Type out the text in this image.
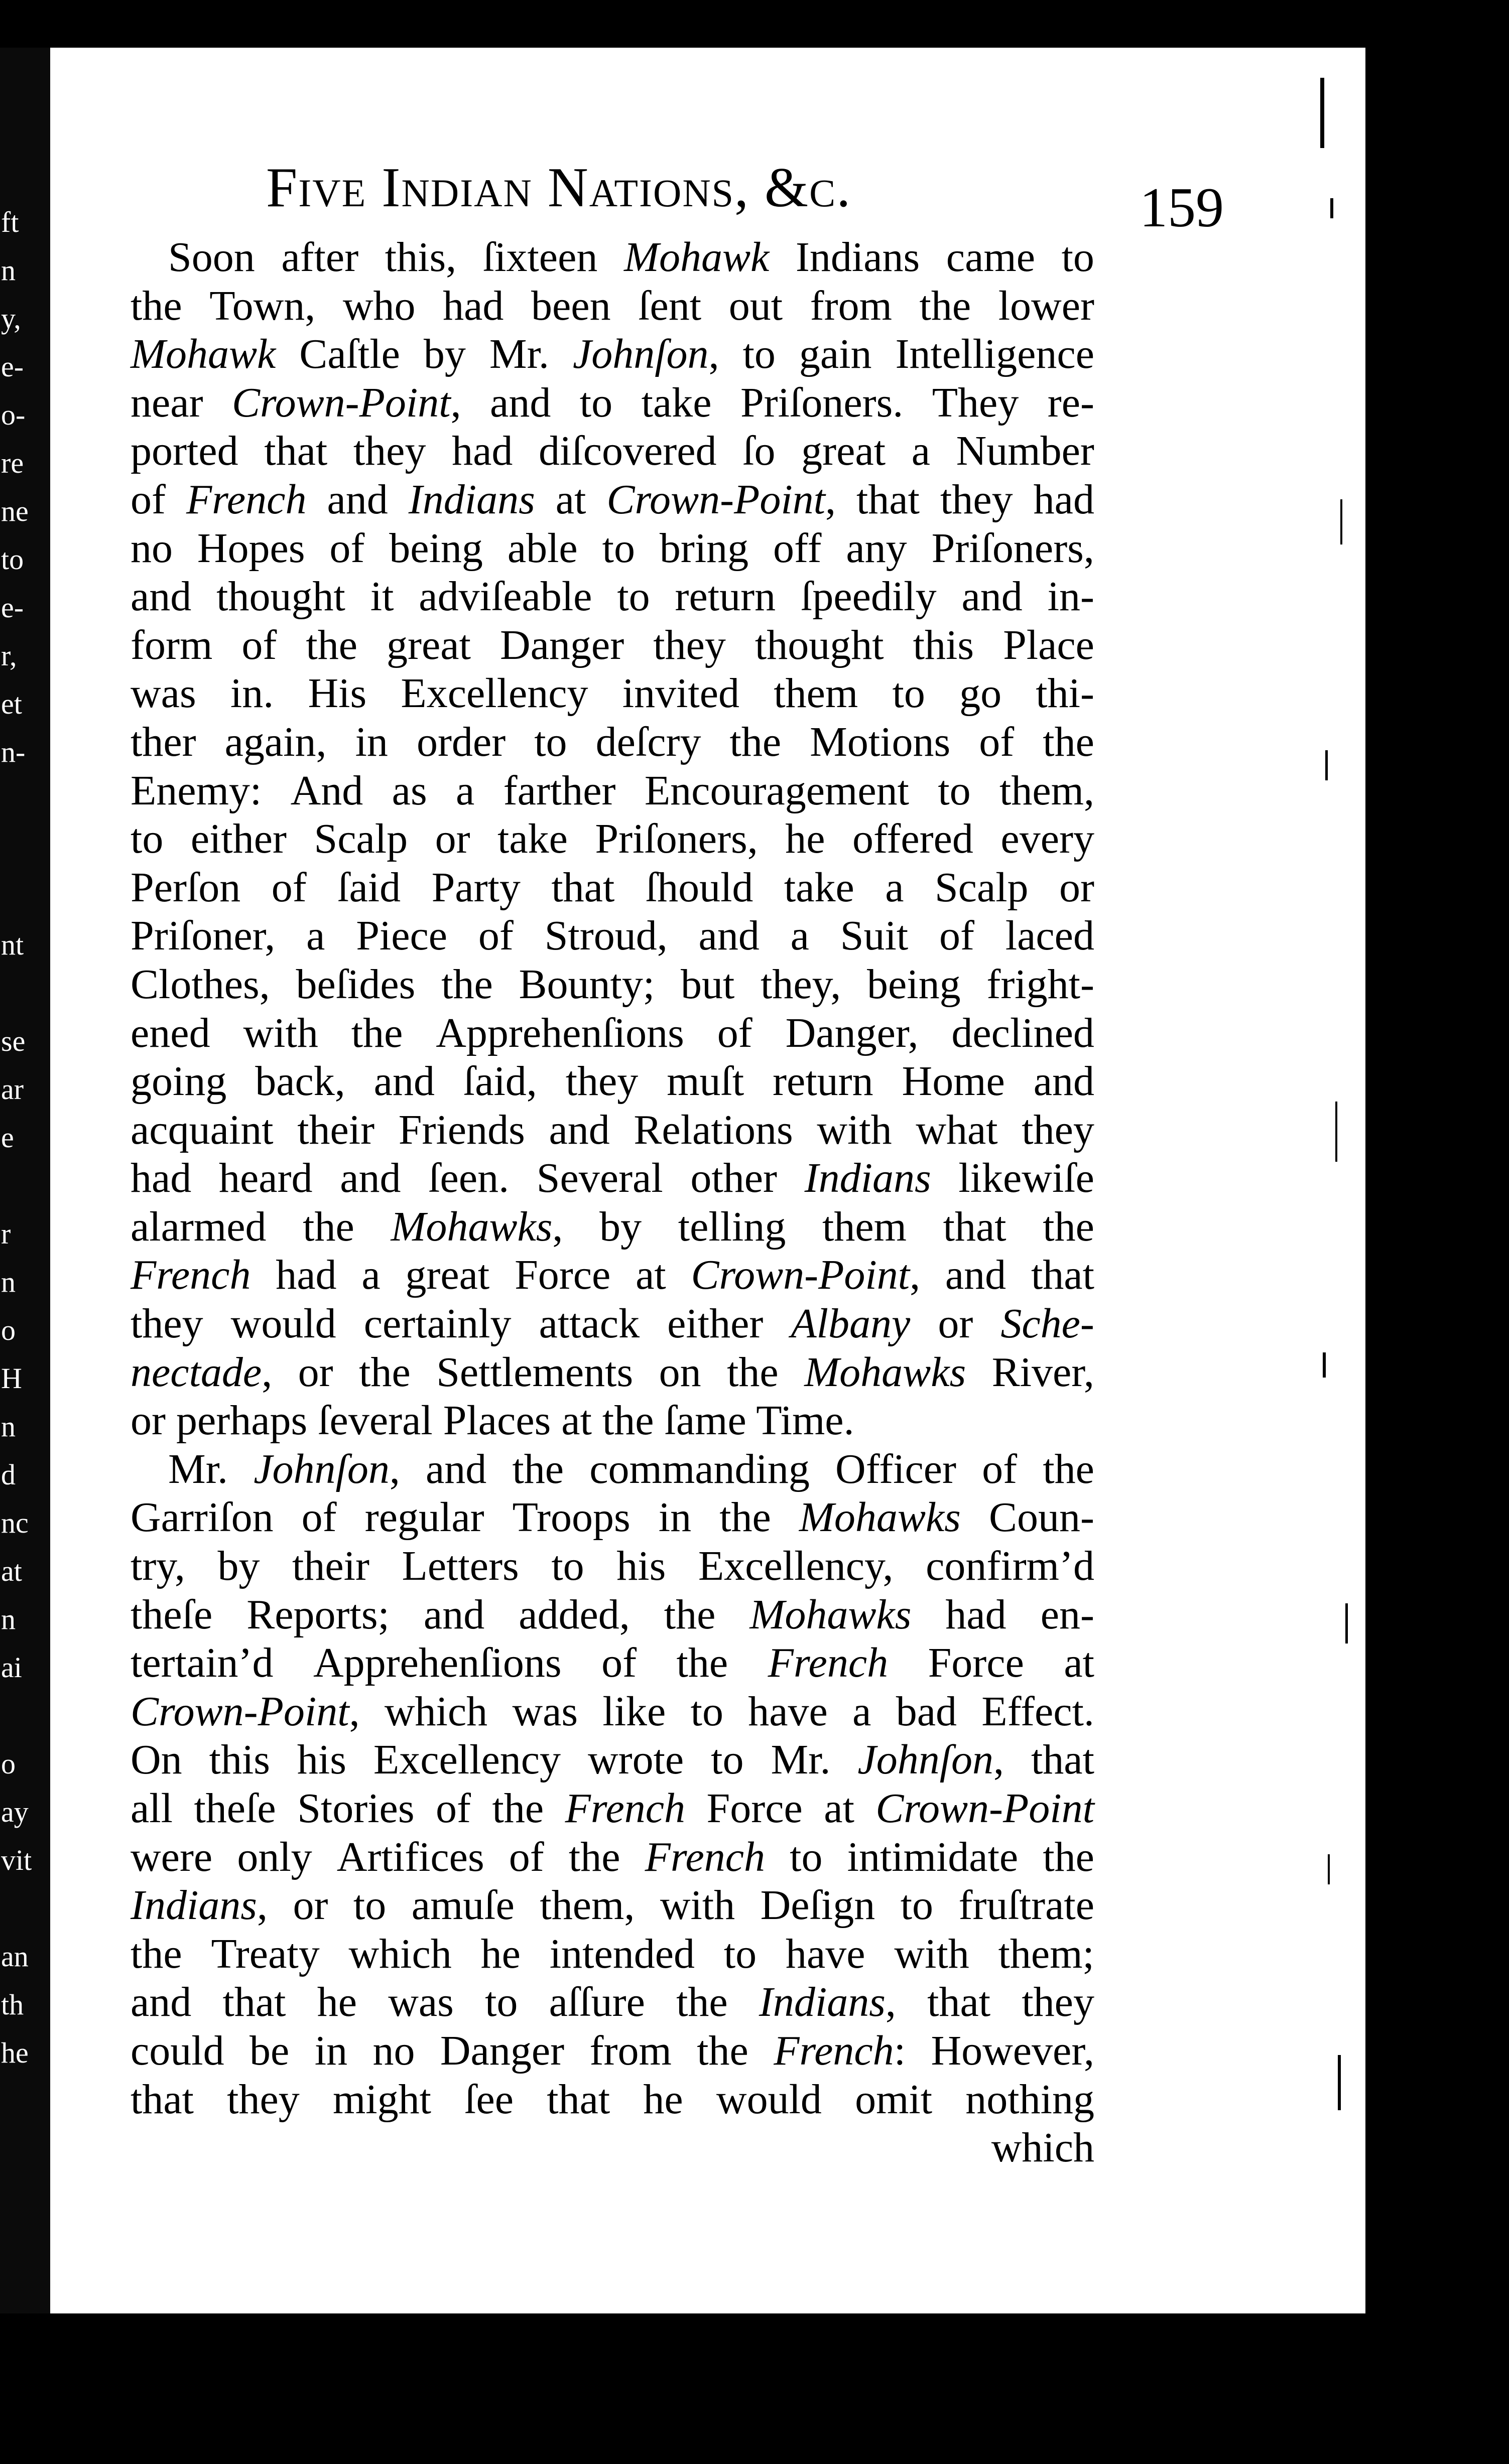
ft
n
y,
e-
o-
re
ne
to
e-
r,
et
n-
nt
se
ar
e
r
n
o
H
n
d
nc
at
n
ai
o
ay
vit
an
th
he
Five Indian Nations, &c.	159
Soon after this, ſixteen Mohawk Indians came to
the Town, who had been ſent out from the lower
Mohawk Caſtle by Mr. Johnſon, to gain Intelligence
near Crown-Point, and to take Priſoners. They re-
ported that they had diſcovered ſo great a Number
of French and Indians at Crown-Point, that they had
no Hopes of being able to bring off any Priſoners,
and thought it adviſeable to return ſpeedily and in-
form of the great Danger they thought this Place
was in. His Excellency invited them to go thi-
ther again, in order to deſcry the Motions of the
Enemy: And as a farther Encouragement to them,
to either Scalp or take Priſoners, he offered every
Perſon of ſaid Party that ſhould take a Scalp or
Priſoner, a Piece of Stroud, and a Suit of laced
Clothes, beſides the Bounty; but they, being fright-
ened with the Apprehenſions of Danger, declined
going back, and ſaid, they muſt return Home and
acquaint their Friends and Relations with what they
had heard and ſeen. Several other Indians likewiſe
alarmed the Mohawks, by telling them that the
French had a great Force at Crown-Point, and that
they would certainly attack either Albany or Sche-
nectade, or the Settlements on the Mohawks River,
or perhaps ſeveral Places at the ſame Time.
Mr. Johnſon, and the commanding Officer of the
Garriſon of regular Troops in the Mohawks Coun-
try, by their Letters to his Excellency, confirm’d
theſe Reports; and added, the Mohawks had en-
tertain’d Apprehenſions of the French Force at
Crown-Point, which was like to have a bad Effect.
On this his Excellency wrote to Mr. Johnſon, that
all theſe Stories of the French Force at Crown-Point
were only Artifices of the French to intimidate the
Indians, or to amuſe them, with Deſign to fruſtrate
the Treaty which he intended to have with them;
and that he was to aſſure the Indians, that they
could be in no Danger from the French: However,
that they might ſee that he would omit nothing
which
